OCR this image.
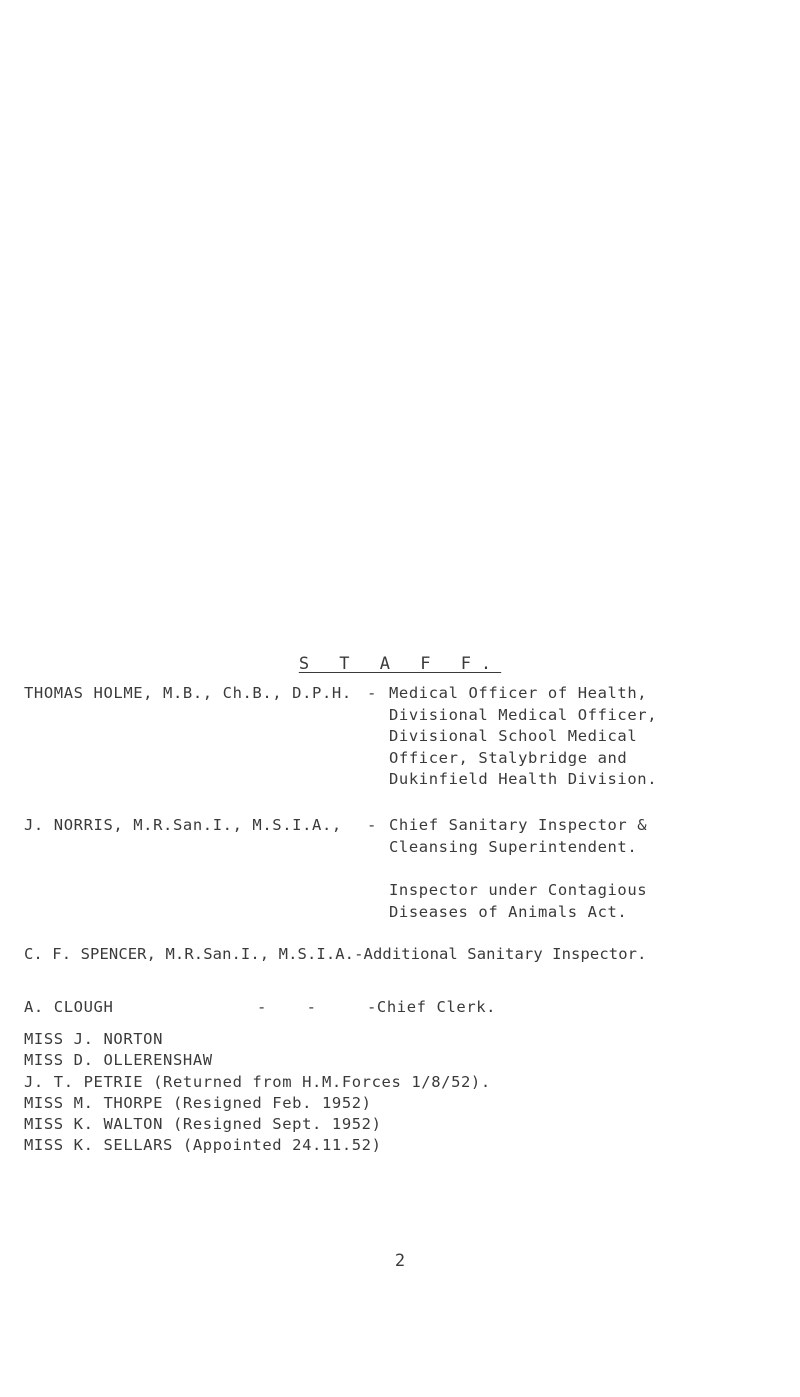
S T A F F.
THOMAS HOLME, M.B., Ch.B., D.P.H. - Medical Officer of Health,
Divisional Medical Officer,
Divisional School Medical
Officer, Stalybridge and
Dukinfield Health Division.
J. NORRIS, M.R.San.I., M.S.I.A., - Chief Sanitary Inspector &
Cleansing Superintendent.
Inspector under Contagious
Diseases of Animals Act.
C. F. SPENCER, M.R.San.I., M.S.I.A.-Additional Sanitary Inspector.
A. CLOUGH	-    -	-Chief Clerk.
MISS J. NORTON
MISS D. OLLERENSHAW
J. T. PETRIE (Returned from H.M.Forces 1/8/52).
MISS M. THORPE (Resigned Feb. 1952)
MISS K. WALTON (Resigned Sept. 1952)
MISS K. SELLARS (Appointed 24.11.52)
2
